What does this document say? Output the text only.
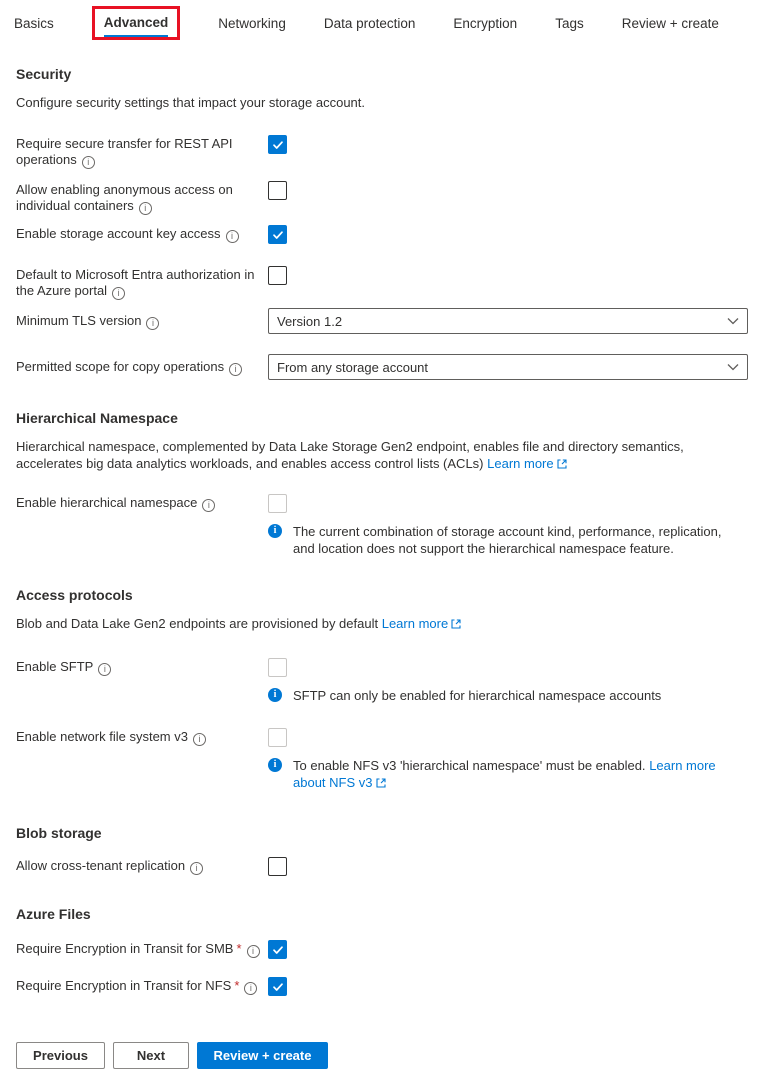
Basics	Advanced	Networking	Data protection	Encryption	Tags	Review + create
Security

Configure security settings that impact your storage account.

Require secure transfer for REST API operations i
Allow enabling anonymous access on individual containers i
Enable storage account key access i
Default to Microsoft Entra authorization in the Azure portal i
Minimum TLS version i	Version 1.2
Permitted scope for copy operations i	From any storage account
Hierarchical Namespace

Hierarchical namespace, complemented by Data Lake Storage Gen2 endpoint, enables file and directory semantics, accelerates big data analytics workloads, and enables access control lists (ACLs) Learn more

Enable hierarchical namespace i
i	The current combination of storage account kind, performance, replication, and location does not support the hierarchical namespace feature.
Access protocols

Blob and Data Lake Gen2 endpoints are provisioned by default Learn more

Enable SFTP i
i	SFTP can only be enabled for hierarchical namespace accounts
Enable network file system v3 i
i	To enable NFS v3 'hierarchical namespace' must be enabled. Learn more about NFS v3
Blob storage
Allow cross-tenant replication i
Azure Files
Require Encryption in Transit for SMB * i
Require Encryption in Transit for NFS * i
Previous	Next	Review + create
